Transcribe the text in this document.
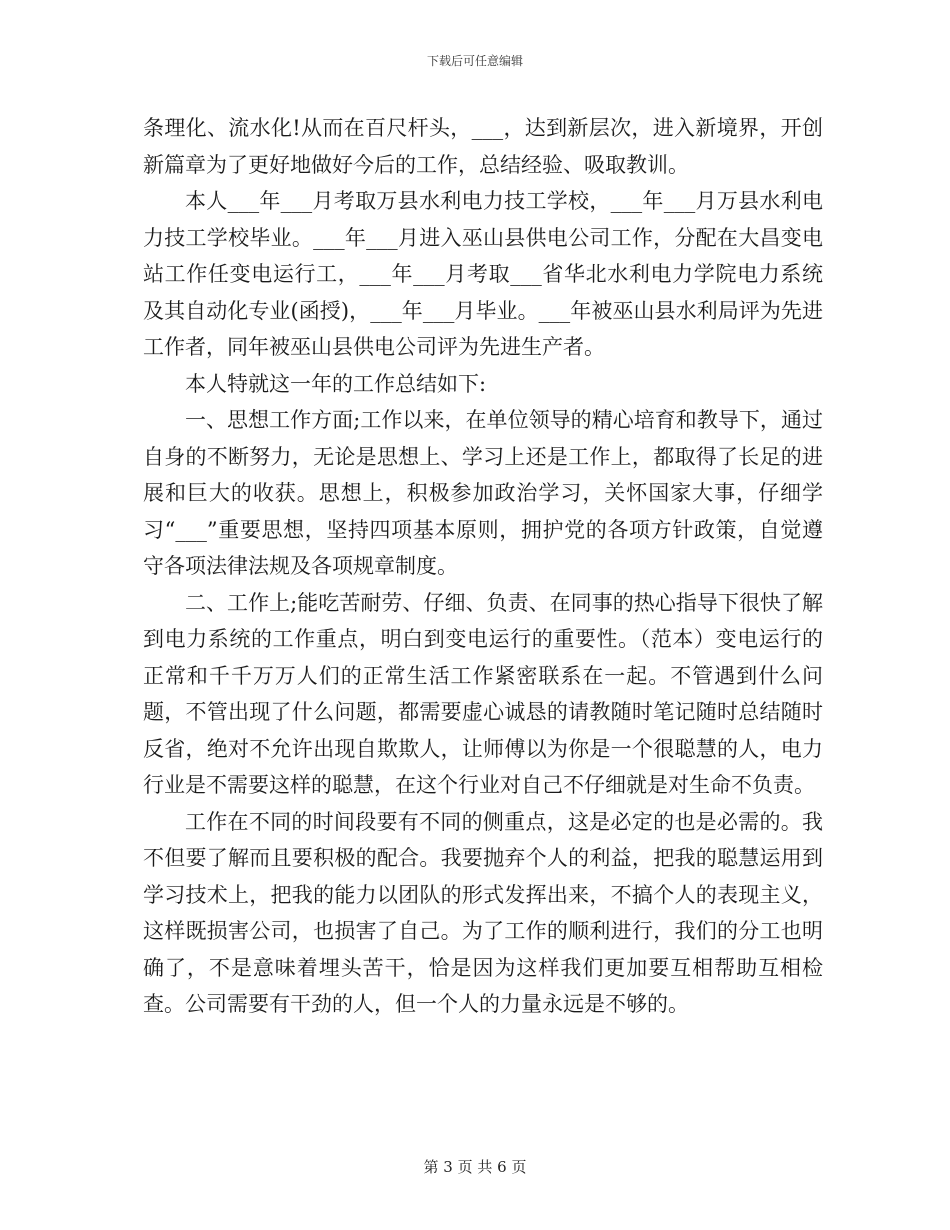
下载后可任意编辑

条理化、流水化!从而在百尺杆头，___，达到新层次，进入新境界，开创新篇章为了更好地做好今后的工作，总结经验、吸取教训。

本人___年___月考取万县水利电力技工学校，___年___月万县水利电力技工学校毕业。___年___月进入巫山县供电公司工作，分配在大昌变电站工作任变电运行工，___年___月考取___省华北水利电力学院电力系统及其自动化专业(函授)，___年___月毕业。___年被巫山县水利局评为先进工作者，同年被巫山县供电公司评为先进生产者。

本人特就这一年的工作总结如下:

一、思想工作方面;工作以来，在单位领导的精心培育和教导下，通过自身的不断努力，无论是思想上、学习上还是工作上，都取得了长足的进展和巨大的收获。思想上，积极参加政治学习，关怀国家大事，仔细学习“___”重要思想，坚持四项基本原则，拥护党的各项方针政策，自觉遵守各项法律法规及各项规章制度。

二、工作上;能吃苦耐劳、仔细、负责、在同事的热心指导下很快了解到电力系统的工作重点，明白到变电运行的重要性。（范本）变电运行的正常和千千万万人们的正常生活工作紧密联系在一起。不管遇到什么问题，不管出现了什么问题，都需要虚心诚恳的请教随时笔记随时总结随时反省，绝对不允许出现自欺欺人，让师傅以为你是一个很聪慧的人，电力行业是不需要这样的聪慧，在这个行业对自己不仔细就是对生命不负责。

工作在不同的时间段要有不同的侧重点，这是必定的也是必需的。我不但要了解而且要积极的配合。我要抛弃个人的利益，把我的聪慧运用到学习技术上，把我的能力以团队的形式发挥出来，不搞个人的表现主义，这样既损害公司，也损害了自己。为了工作的顺利进行，我们的分工也明确了，不是意味着埋头苦干，恰是因为这样我们更加要互相帮助互相检查。公司需要有干劲的人，但一个人的力量永远是不够的。

第 3 页 共 6 页
